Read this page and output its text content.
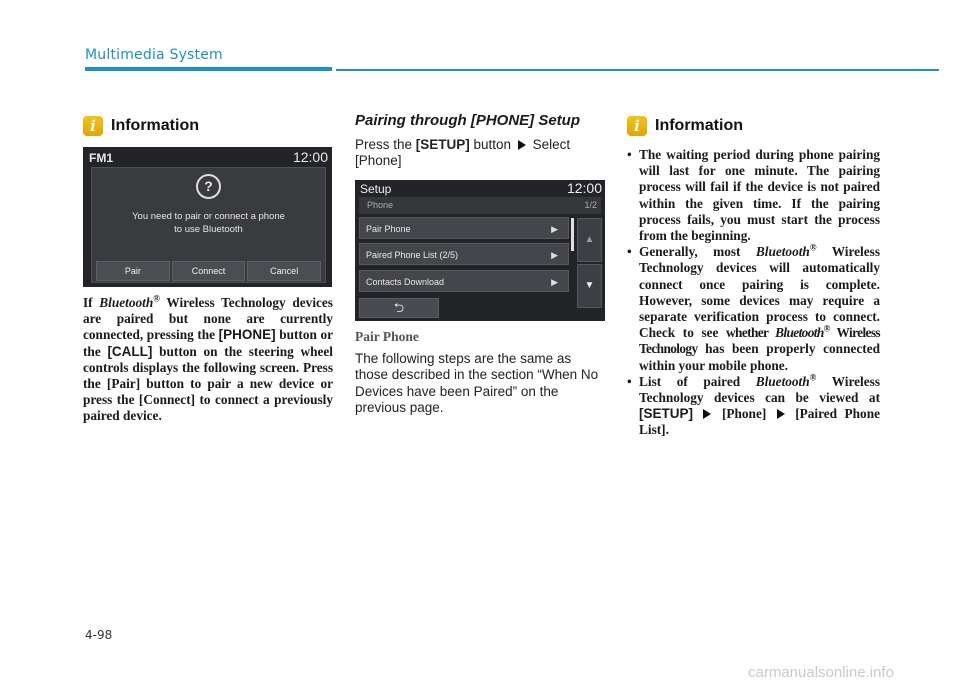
Multimedia System
i Information
FM1	12:00
?
You need to pair or connect a phone
to use Bluetooth
Pair	Connect	Cancel
If Bluetooth® Wireless Technology devices are paired but none are currently connected, pressing the [PHONE] button or the [CALL] button on the steering wheel controls displays the following screen. Press the [Pair] button to pair a new device or press the [Connect] to connect a previously paired device.
Pairing through [PHONE] Setup
Press the [SETUP] button  Select [Phone]
Setup	12:00
Phone	1/2
Pair Phone	▶
Paired Phone List (2/5)	▶
Contacts Download	▶
▲
▼
⮌
Pair Phone
The following steps are the same as those described in the section “When No Devices have been Paired” on the previous page.
i Information
• The waiting period during phone pairing will last for one minute. The pairing process will fail if the device is not paired within the given time. If the pairing process fails, you must start the process from the beginning.
• Generally, most Bluetooth® Wireless Technology devices will automatically connect once pairing is complete. However, some devices may require a separate verification process to connect. Check to see whether Bluetooth® Wireless Technology has been properly connected within your mobile phone.
• List of paired Bluetooth® Wireless Technology devices can be viewed at [SETUP]  [Phone]  [Paired Phone List].
4-98
carmanualsonline.info
